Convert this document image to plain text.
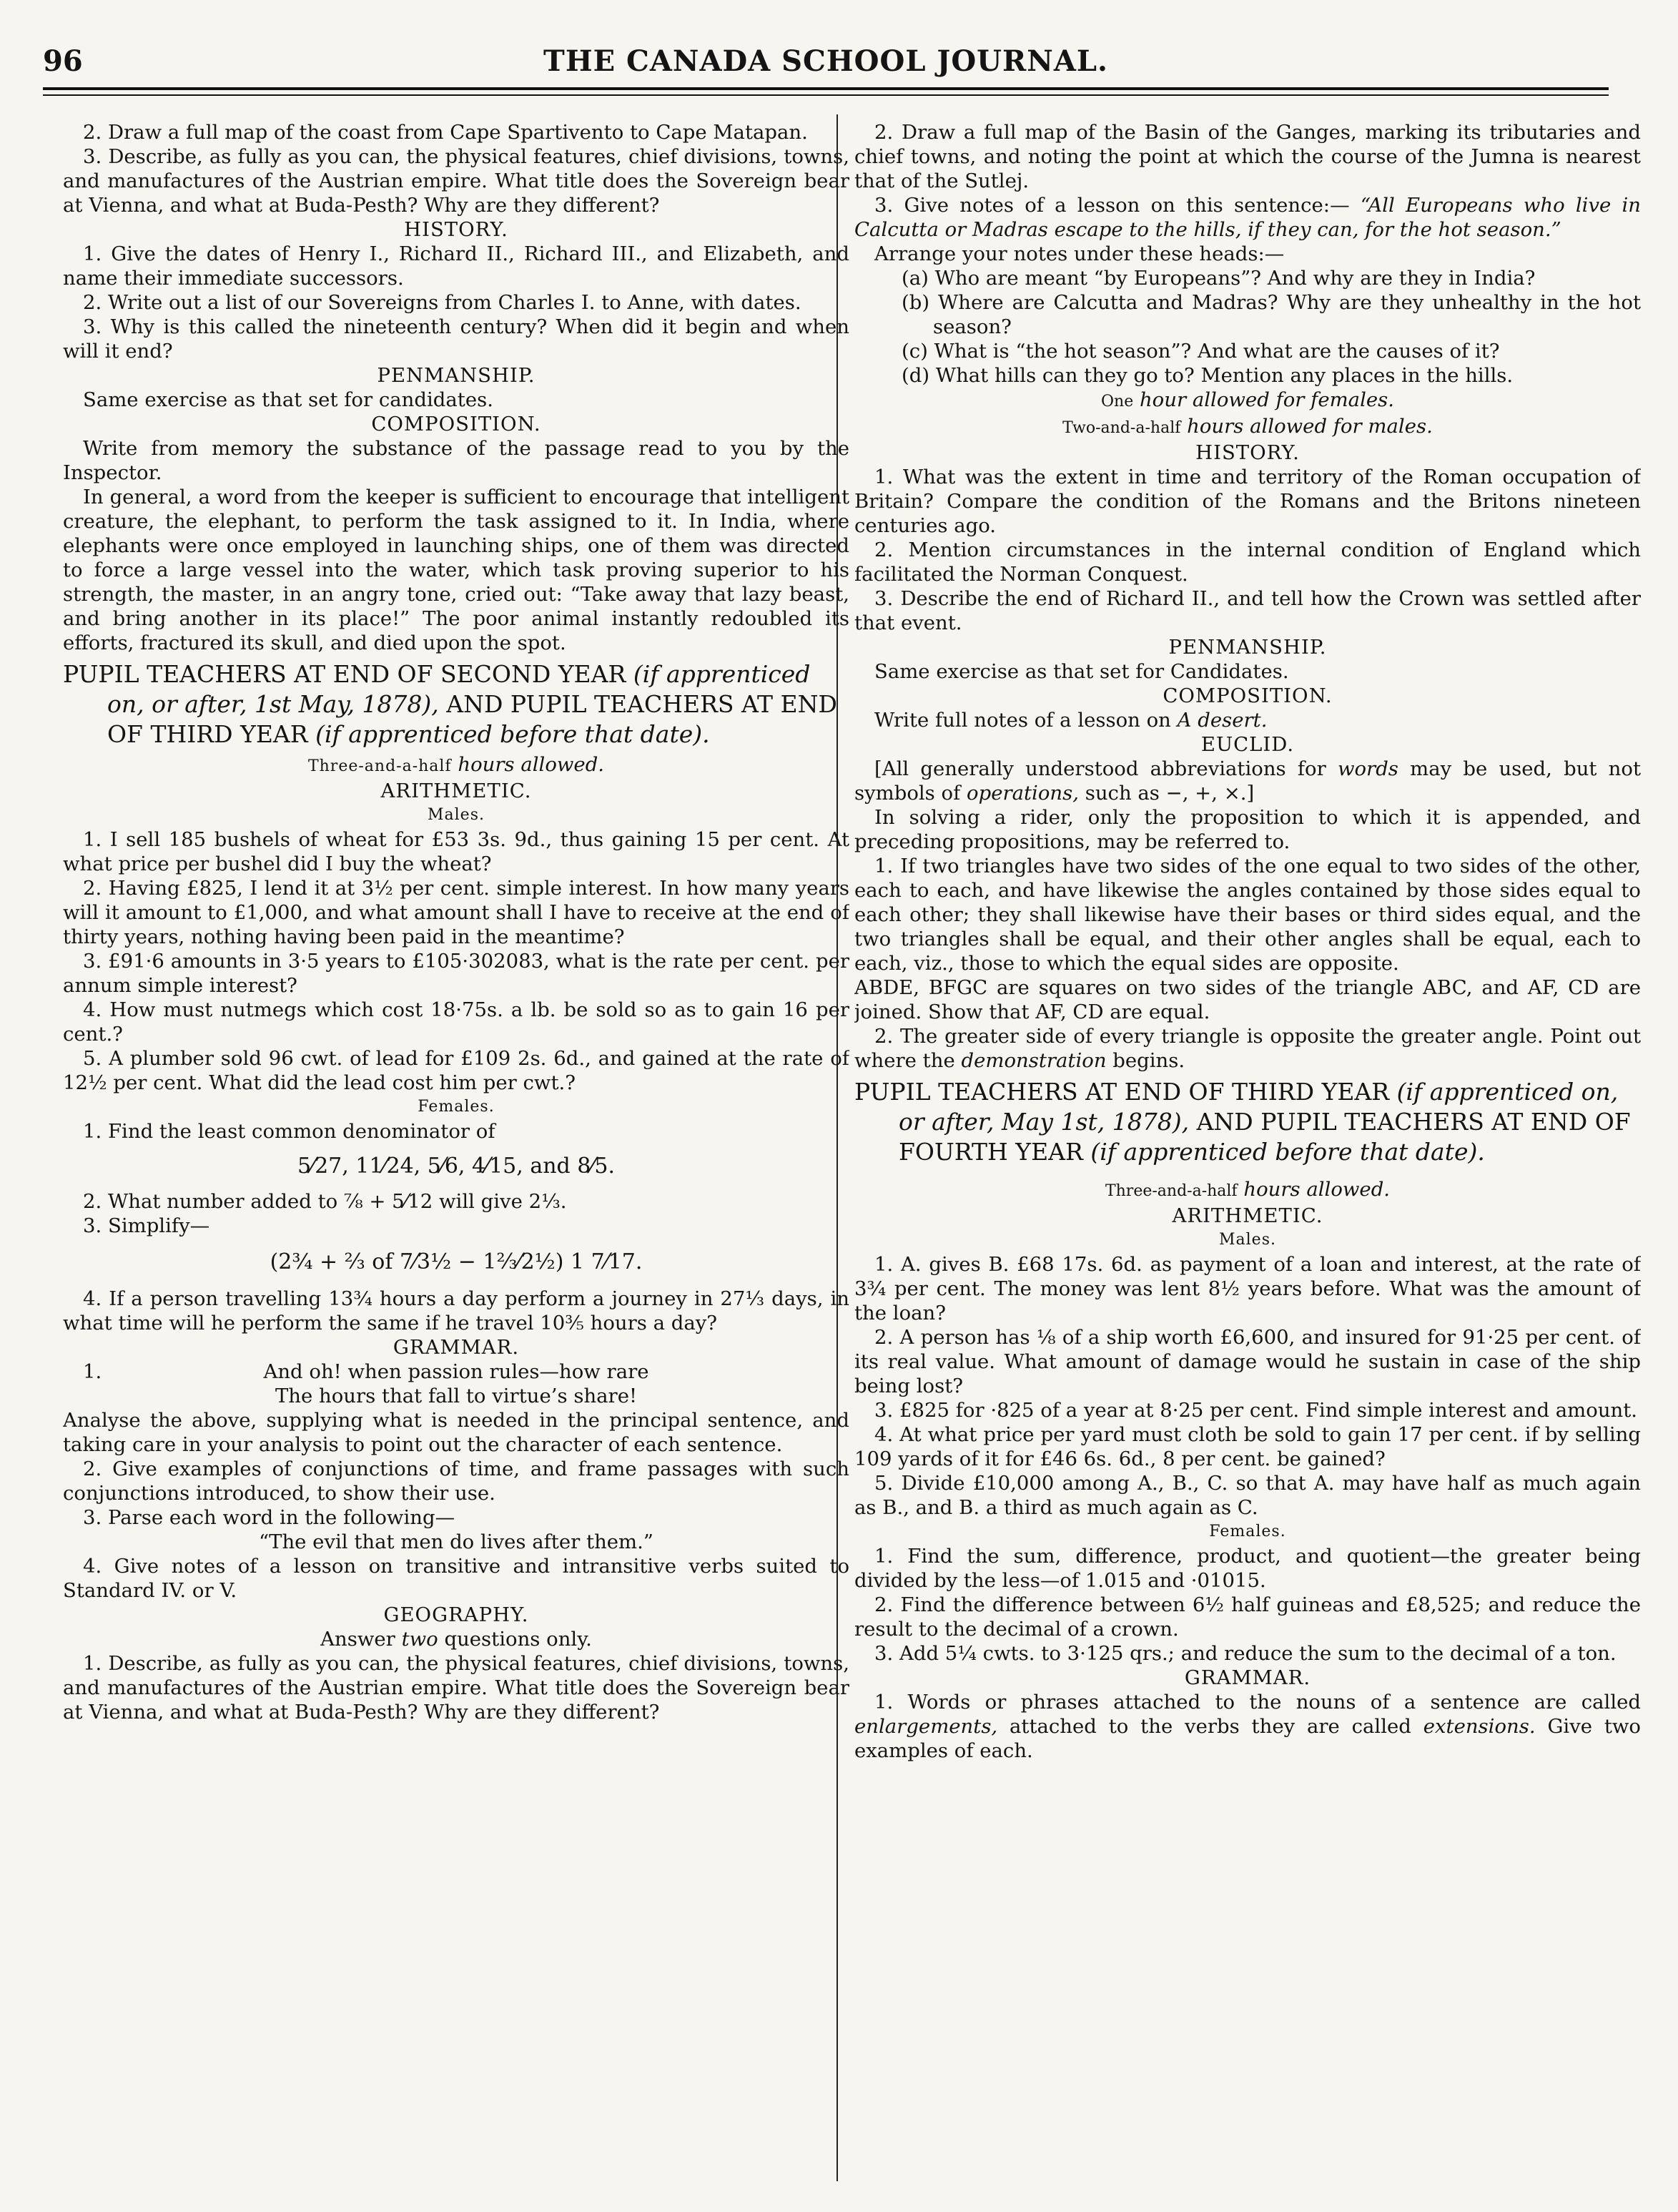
96	THE CANADA SCHOOL JOURNAL.

2. Draw a full map of the coast from Cape Spartivento to Cape Matapan.

3. Describe, as fully as you can, the physical features, chief divisions, towns, and manufactures of the Austrian empire. What title does the Sovereign bear at Vienna, and what at Buda-Pesth? Why are they different?

HISTORY.

1. Give the dates of Henry I., Richard II., Richard III., and Elizabeth, and name their immediate successors.

2. Write out a list of our Sovereigns from Charles I. to Anne, with dates.

3. Why is this called the nineteenth century? When did it begin and when will it end?

PENMANSHIP.

Same exercise as that set for candidates.

COMPOSITION.

Write from memory the substance of the passage read to you by the Inspector.

In general, a word from the keeper is sufficient to encourage that intelligent creature, the elephant, to perform the task assigned to it. In India, where elephants were once employed in launching ships, one of them was directed to force a large vessel into the water, which task proving superior to his strength, the master, in an angry tone, cried out: “Take away that lazy beast, and bring another in its place!” The poor animal instantly redoubled its efforts, fractured its skull, and died upon the spot.

PUPIL TEACHERS AT END OF SECOND YEAR (if apprenticed on, or after, 1st May, 1878), AND PUPIL TEACHERS AT END OF THIRD YEAR (if apprenticed before that date).

Three-and-a-half hours allowed.

ARITHMETIC.

Males.

1. I sell 185 bushels of wheat for £53 3s. 9d., thus gaining 15 per cent. At what price per bushel did I buy the wheat?

2. Having £825, I lend it at 3½ per cent. simple interest. In how many years will it amount to £1,000, and what amount shall I have to receive at the end of thirty years, nothing having been paid in the meantime?

3. £91·6 amounts in 3·5 years to £105·302083, what is the rate per cent. per annum simple interest?

4. How must nutmegs which cost 18·75s. a lb. be sold so as to gain 16 per cent.?

5. A plumber sold 96 cwt. of lead for £109 2s. 6d., and gained at the rate of 12½ per cent. What did the lead cost him per cwt.?

Females.

1. Find the least common denominator of

5⁄27, 11⁄24, 5⁄6, 4⁄15, and 8⁄5.

2. What number added to ⅞ + 5⁄12 will give 2⅓.

3. Simplify—

(2¾ + ⅔ of 7⁄3½ − 1⅔⁄2½) 1 7⁄17.

4. If a person travelling 13¾ hours a day perform a journey in 27⅓ days, in what time will he perform the same if he travel 10⅗ hours a day?

GRAMMAR.

1.	And oh! when passion rules—how rare

The hours that fall to virtue’s share!

Analyse the above, supplying what is needed in the principal sentence, and taking care in your analysis to point out the character of each sentence.

2. Give examples of conjunctions of time, and frame passages with such conjunctions introduced, to show their use.

3. Parse each word in the following—

“The evil that men do lives after them.”

4. Give notes of a lesson on transitive and intransitive verbs suited to Standard IV. or V.

GEOGRAPHY.

Answer two questions only.

1. Describe, as fully as you can, the physical features, chief divisions, towns, and manufactures of the Austrian empire. What title does the Sovereign bear at Vienna, and what at Buda-Pesth? Why are they different?

2. Draw a full map of the Basin of the Ganges, marking its tributaries and chief towns, and noting the point at which the course of the Jumna is nearest that of the Sutlej.

3. Give notes of a lesson on this sentence:— “All Europeans who live in Calcutta or Madras escape to the hills, if they can, for the hot season.”

Arrange your notes under these heads:—

(a) Who are meant “by Europeans”? And why are they in India?

(b) Where are Calcutta and Madras? Why are they unhealthy in the hot season?

(c) What is “the hot season”? And what are the causes of it?

(d) What hills can they go to? Mention any places in the hills.

One hour allowed for females.

Two-and-a-half hours allowed for males.

HISTORY.

1. What was the extent in time and territory of the Roman occupation of Britain? Compare the condition of the Romans and the Britons nineteen centuries ago.

2. Mention circumstances in the internal condition of England which facilitated the Norman Conquest.

3. Describe the end of Richard II., and tell how the Crown was settled after that event.

PENMANSHIP.

Same exercise as that set for Candidates.

COMPOSITION.

Write full notes of a lesson on A desert.

EUCLID.

[All generally understood abbreviations for words may be used, but not symbols of operations, such as −, +, ×.]

In solving a rider, only the proposition to which it is appended, and preceding propositions, may be referred to.

1. If two triangles have two sides of the one equal to two sides of the other, each to each, and have likewise the angles contained by those sides equal to each other; they shall likewise have their bases or third sides equal, and the two triangles shall be equal, and their other angles shall be equal, each to each, viz., those to which the equal sides are opposite.

ABDE, BFGC are squares on two sides of the triangle ABC, and AF, CD are joined. Show that AF, CD are equal.

2. The greater side of every triangle is opposite the greater angle. Point out where the demonstration begins.

PUPIL TEACHERS AT END OF THIRD YEAR (if apprenticed on, or after, May 1st, 1878), AND PUPIL TEACHERS AT END OF FOURTH YEAR (if apprenticed before that date).

Three-and-a-half hours allowed.

ARITHMETIC.

Males.

1. A. gives B. £68 17s. 6d. as payment of a loan and interest, at the rate of 3¾ per cent. The money was lent 8½ years before. What was the amount of the loan?

2. A person has ⅛ of a ship worth £6,600, and insured for 91·25 per cent. of its real value. What amount of damage would he sustain in case of the ship being lost?

3. £825 for ·825 of a year at 8·25 per cent. Find simple interest and amount.

4. At what price per yard must cloth be sold to gain 17 per cent. if by selling 109 yards of it for £46 6s. 6d., 8 per cent. be gained?

5. Divide £10,000 among A., B., C. so that A. may have half as much again as B., and B. a third as much again as C.

Females.

1. Find the sum, difference, product, and quotient—the greater being divided by the less—of 1.015 and ·01015.

2. Find the difference between 6½ half guineas and £8,525; and reduce the result to the decimal of a crown.

3. Add 5¼ cwts. to 3·125 qrs.; and reduce the sum to the decimal of a ton.

GRAMMAR.

1. Words or phrases attached to the nouns of a sentence are called enlargements, attached to the verbs they are called extensions. Give two examples of each.
